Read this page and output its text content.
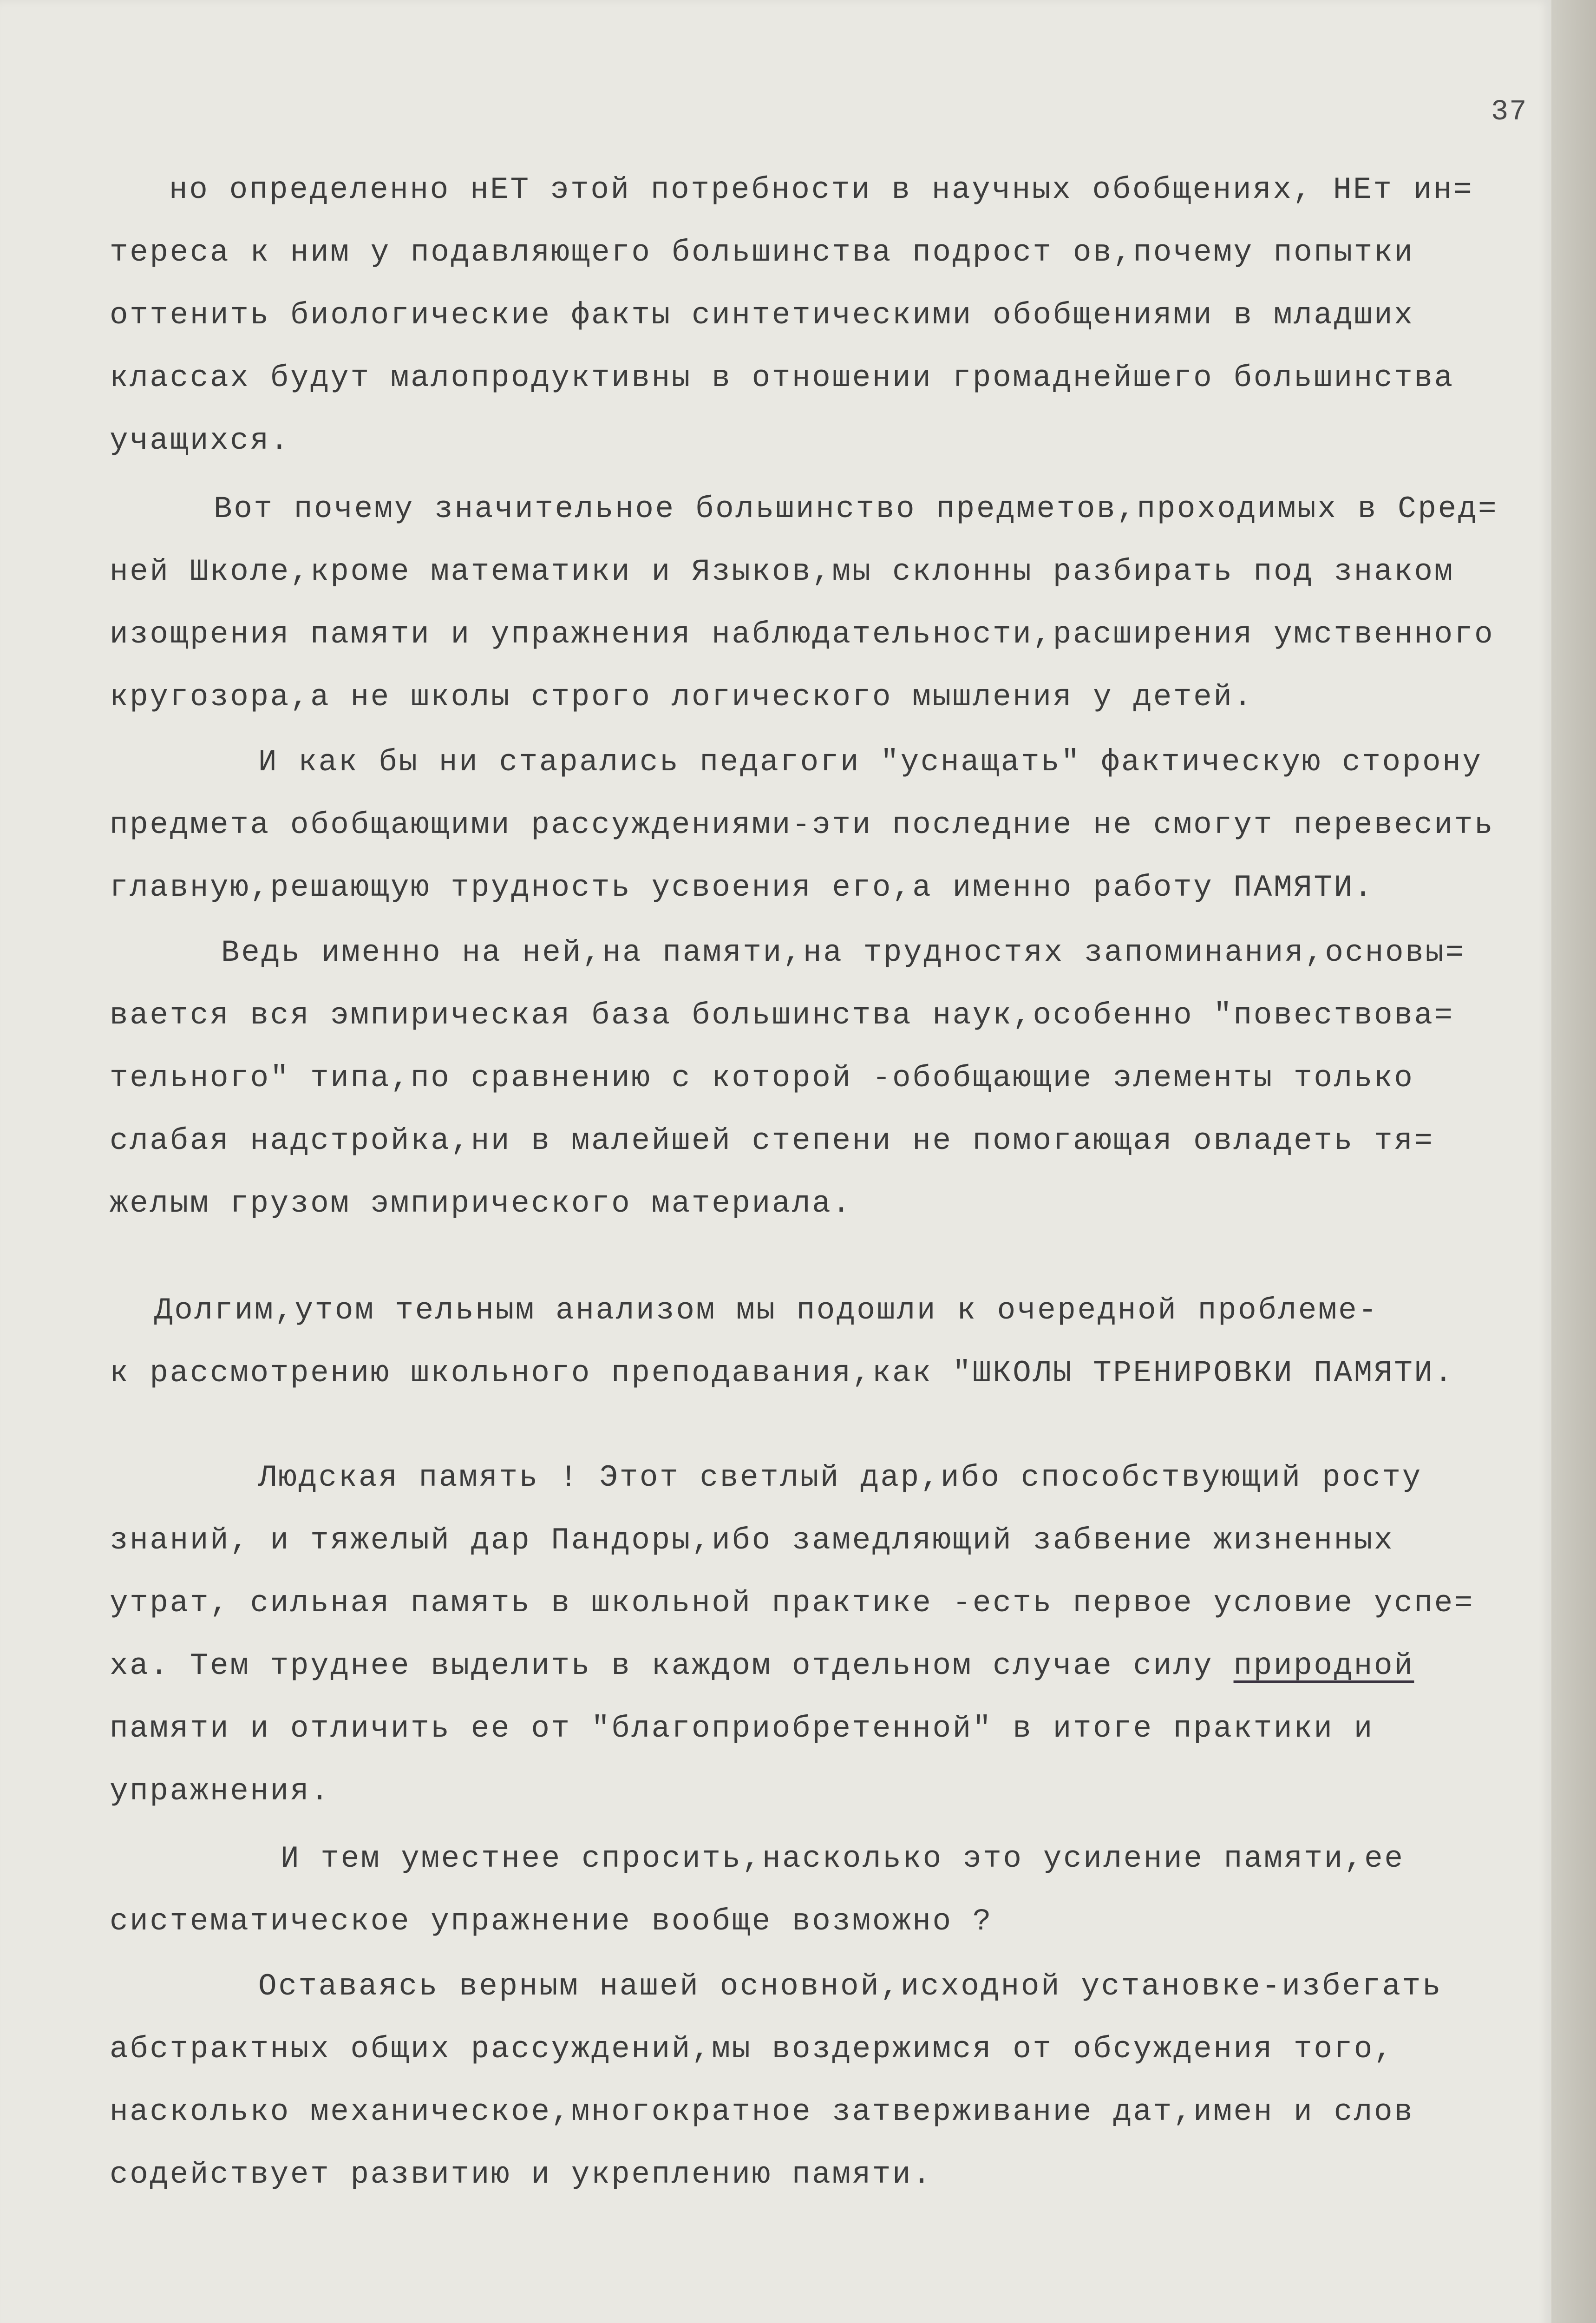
37
но определенно нЕТ этой потребности в научных обобщениях, НЕт ин=
тереса к ним у подавляющего большинства подрост ов,почему попытки
оттенить биологические факты синтетическими обобщениями в младших
классах будут малопродуктивны в отношении громаднейшего большинства
учащихся.
Вот почему значительное большинство предметов,проходимых в Сред=
ней Школе,кроме математики и Языков,мы склонны разбирать под знаком
изощрения памяти и упражнения наблюдательности,расширения умственного
кругозора,а не школы строго логического мышления у детей.
И как бы ни старались педагоги "уснащать" фактическую сторону
предмета обобщающими рассуждениями-эти последние не смогут перевесить
главную,решающую трудность усвоения его,а именно работу ПАМЯТИ.
Ведь именно на ней,на памяти,на трудностях запоминания,основы=
вается вся эмпирическая база большинства наук,особенно "повествова=
тельного" типа,по сравнению с которой -обобщающие элементы только
слабая надстройка,ни в малейшей степени не помогающая овладеть тя=
желым грузом эмпирического материала.
Долгим,утом тельным анализом мы подошли к очередной проблеме-
к рассмотрению школьного преподавания,как "ШКОЛЫ ТРЕНИРОВКИ ПАМЯТИ.
Людская память ! Этот светлый дар,ибо способствующий росту
знаний, и тяжелый дар Пандоры,ибо замедляющий забвение жизненных
утрат, сильная память в школьной практике -есть первое условие успе=
ха. Тем труднее выделить в каждом отдельном случае силу природной
памяти и отличить ее от "благоприобретенной" в итоге практики и
упражнения.
И тем уместнее спросить,насколько это усиление памяти,ее
систематическое упражнение вообще возможно ?
Оставаясь верным нашей основной,исходной установке-избегать
абстрактных общих рассуждений,мы воздержимся от обсуждения того,
насколько механическое,многократное затверживание дат,имен и слов
содействует развитию и укреплению памяти.
